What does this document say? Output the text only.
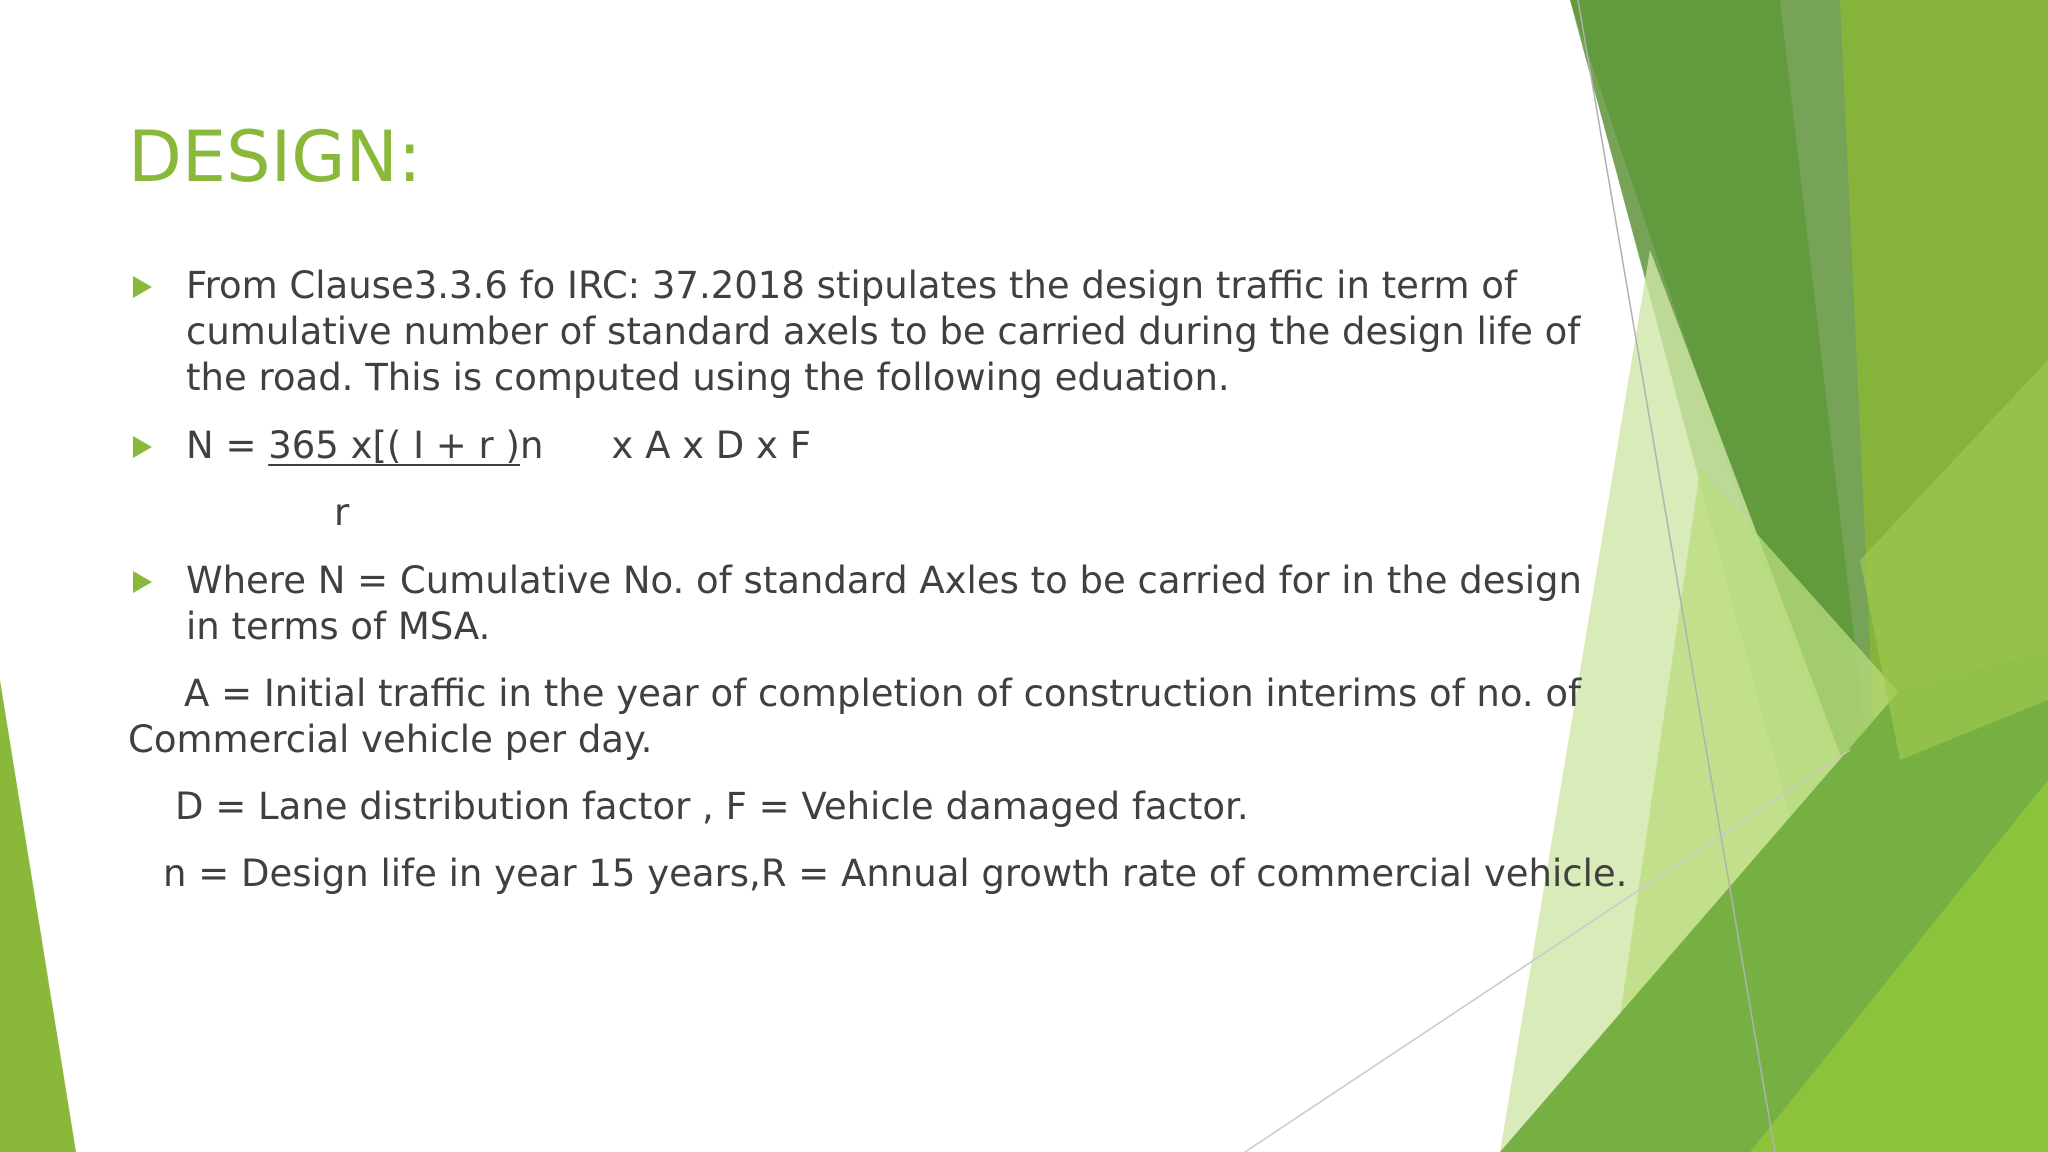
DESIGN:
From Clause3.3.6 fo IRC: 37.2018 stipulates the design traffic in term of
cumulative number of standard axels to be carried during the design life of
the road. This is computed using the following eduation.
N = 365 x[( I + r )n x A x D x F
r
Where N = Cumulative No. of standard Axles to be carried for in the design
in terms of MSA.
A = Initial traffic in the year of completion of construction interims of no. of
Commercial vehicle per day.
D = Lane distribution factor , F = Vehicle damaged factor.
n = Design life in year 15 years,R = Annual growth rate of commercial vehicle.
